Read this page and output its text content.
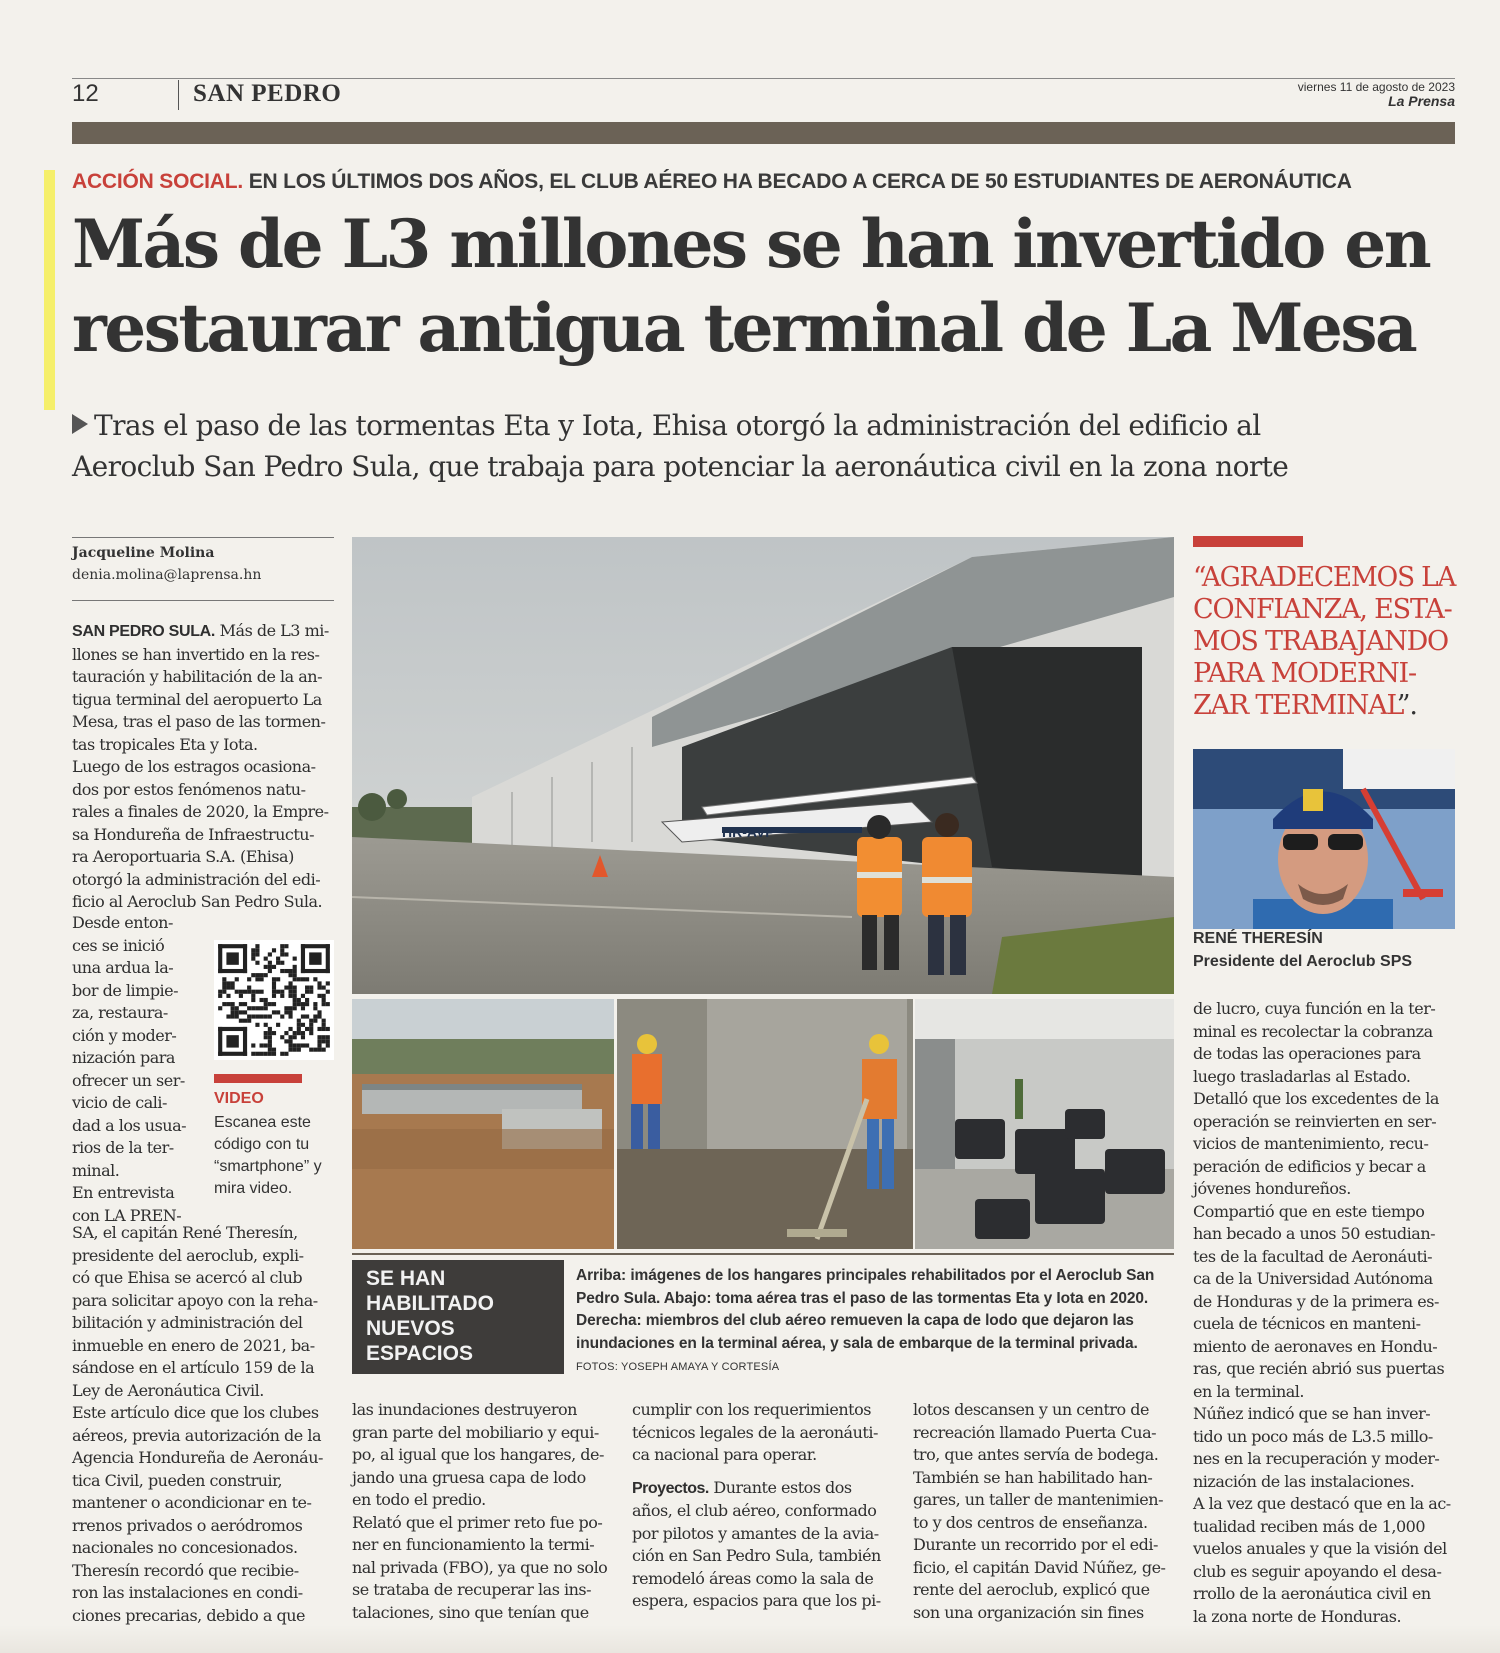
12	SAN PEDRO	viernes 11 de agosto de 2023
La Prensa
ACCIÓN SOCIAL. EN LOS ÚLTIMOS DOS AÑOS, EL CLUB AÉREO HA BECADO A CERCA DE 50 ESTUDIANTES DE AERONÁUTICA
Más de L3 millones se han invertido en
restaurar antigua terminal de La Mesa
Tras el paso de las tormentas Eta y Iota, Ehisa otorgó la administración del edificio al
Aeroclub San Pedro Sula, que trabaja para potenciar la aeronáutica civil en la zona norte
Jacqueline Molina
denia.molina@laprensa.hn
SAN PEDRO SULA. Más de L3 mi-
llones se han invertido en la res-
tauración y habilitación de la an-
tigua terminal del aeropuerto La
Mesa, tras el paso de las tormen-
tas tropicales Eta y Iota.
Luego de los estragos ocasiona-
dos por estos fenómenos natu-
rales a finales de 2020, la Empre-
sa Hondureña de Infraestructu-
ra Aeroportuaria S.A. (Ehisa)
otorgó la administración del edi-
ficio al Aeroclub San Pedro Sula.
Desde enton-
ces se inició
una ardua la-
bor de limpie-
za, restaura-
ción y moder-
nización para
ofrecer un ser-
vicio de cali-
dad a los usua-
rios de la ter-
minal.
En entrevista
con LA PREN-
SA, el capitán René Theresín,
presidente del aeroclub, expli-
có que Ehisa se acercó al club
para solicitar apoyo con la reha-
bilitación y administración del
inmueble en enero de 2021, ba-
sándose en el artículo 159 de la
Ley de Aeronáutica Civil.
Este artículo dice que los clubes
aéreos, previa autorización de la
Agencia Hondureña de Aeronáu-
tica Civil, pueden construir,
mantener o acondicionar en te-
rrenos privados o aeródromos
nacionales no concesionados.
Theresín recordó que recibie-
ron las instalaciones en condi-
ciones precarias, debido a que
VIDEO
Escanea este código con tu “smartphone” y mira video.
HR-AVP
SE HAN
HABILITADO
NUEVOS
ESPACIOS
Arriba: imágenes de los hangares principales rehabilitados por el Aeroclub San Pedro Sula. Abajo: toma aérea tras el paso de las tormentas Eta y Iota en 2020. Derecha: miembros del club aéreo remueven la capa de lodo que dejaron las inundaciones en la terminal aérea, y sala de embarque de la terminal privada. FOTOS: YOSEPH AMAYA Y CORTESÍA
las inundaciones destruyeron
gran parte del mobiliario y equi-
po, al igual que los hangares, de-
jando una gruesa capa de lodo
en todo el predio.
Relató que el primer reto fue po-
ner en funcionamiento la termi-
nal privada (FBO), ya que no solo
se trataba de recuperar las ins-
talaciones, sino que tenían que
cumplir con los requerimientos
técnicos legales de la aeronáuti-
ca nacional para operar.
Proyectos. Durante estos dos
años, el club aéreo, conformado
por pilotos y amantes de la avia-
ción en San Pedro Sula, también
remodeló áreas como la sala de
espera, espacios para que los pi-
lotos descansen y un centro de
recreación llamado Puerta Cua-
tro, que antes servía de bodega.
También se han habilitado han-
gares, un taller de mantenimien-
to y dos centros de enseñanza.
Durante un recorrido por el edi-
ficio, el capitán David Núñez, ge-
rente del aeroclub, explicó que
son una organización sin fines
“AGRADECEMOS LA
CONFIANZA, ESTA-
MOS TRABAJANDO
PARA MODERNI-
ZAR TERMINAL”.
RENÉ THERESÍN
Presidente del Aeroclub SPS
de lucro, cuya función en la ter-
minal es recolectar la cobranza
de todas las operaciones para
luego trasladarlas al Estado.
Detalló que los excedentes de la
operación se reinvierten en ser-
vicios de mantenimiento, recu-
peración de edificios y becar a
jóvenes hondureños.
Compartió que en este tiempo
han becado a unos 50 estudian-
tes de la facultad de Aeronáuti-
ca de la Universidad Autónoma
de Honduras y de la primera es-
cuela de técnicos en manteni-
miento de aeronaves en Hondu-
ras, que recién abrió sus puertas
en la terminal.
Núñez indicó que se han inver-
tido un poco más de L3.5 millo-
nes en la recuperación y moder-
nización de las instalaciones.
A la vez que destacó que en la ac-
tualidad reciben más de 1,000
vuelos anuales y que la visión del
club es seguir apoyando el desa-
rrollo de la aeronáutica civil en
la zona norte de Honduras.
